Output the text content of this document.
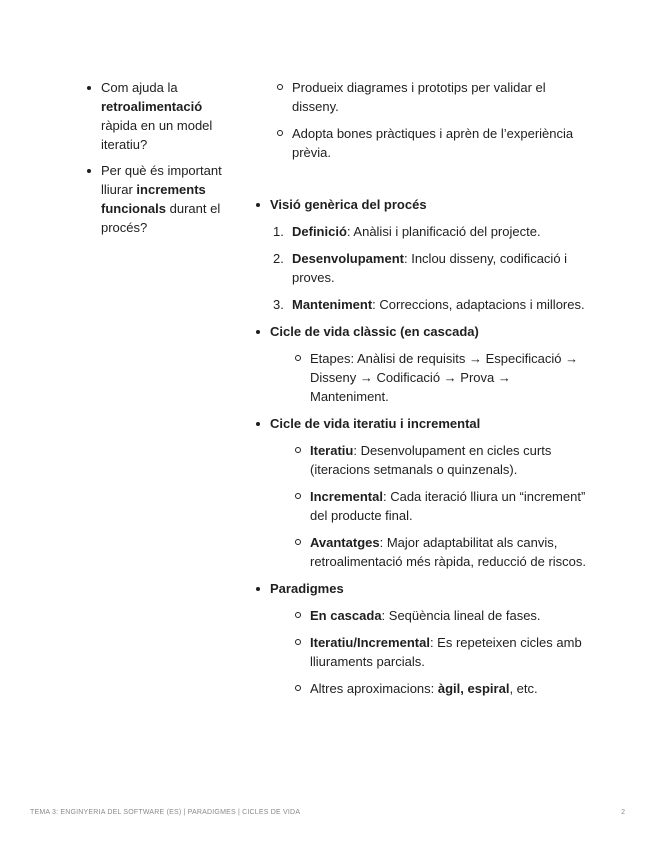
Com ajuda la retroalimentació ràpida en un model iteratiu?
Per què és important lliurar increments funcionals durant el procés?
Produeix diagrames i prototips per validar el disseny.
Adopta bones pràctiques i aprèn de l’experiència prèvia.
Visió genèrica del procés
1. Definició: Anàlisi i planificació del projecte.
2. Desenvolupament: Inclou disseny, codificació i proves.
3. Manteniment: Correccions, adaptacions i millores.
Cicle de vida clàssic (en cascada)
Etapes: Anàlisi de requisits → Especificació → Disseny → Codificació → Prova → Manteniment.
Cicle de vida iteratiu i incremental
Iteratiu: Desenvolupament en cicles curts (iteracions setmanals o quinzenals).
Incremental: Cada iteració lliura un “increment” del producte final.
Avantatges: Major adaptabilitat als canvis, retroalimentació més ràpida, reducció de riscos.
Paradigmes
En cascada: Seqüència lineal de fases.
Iteratiu/Incremental: Es repeteixen cicles amb lliuraments parcials.
Altres aproximacions: àgil, espiral, etc.
TEMA 3: ENGINYERIA DEL SOFTWARE (ES) | PARADIGMES | CICLES DE VIDA	2
